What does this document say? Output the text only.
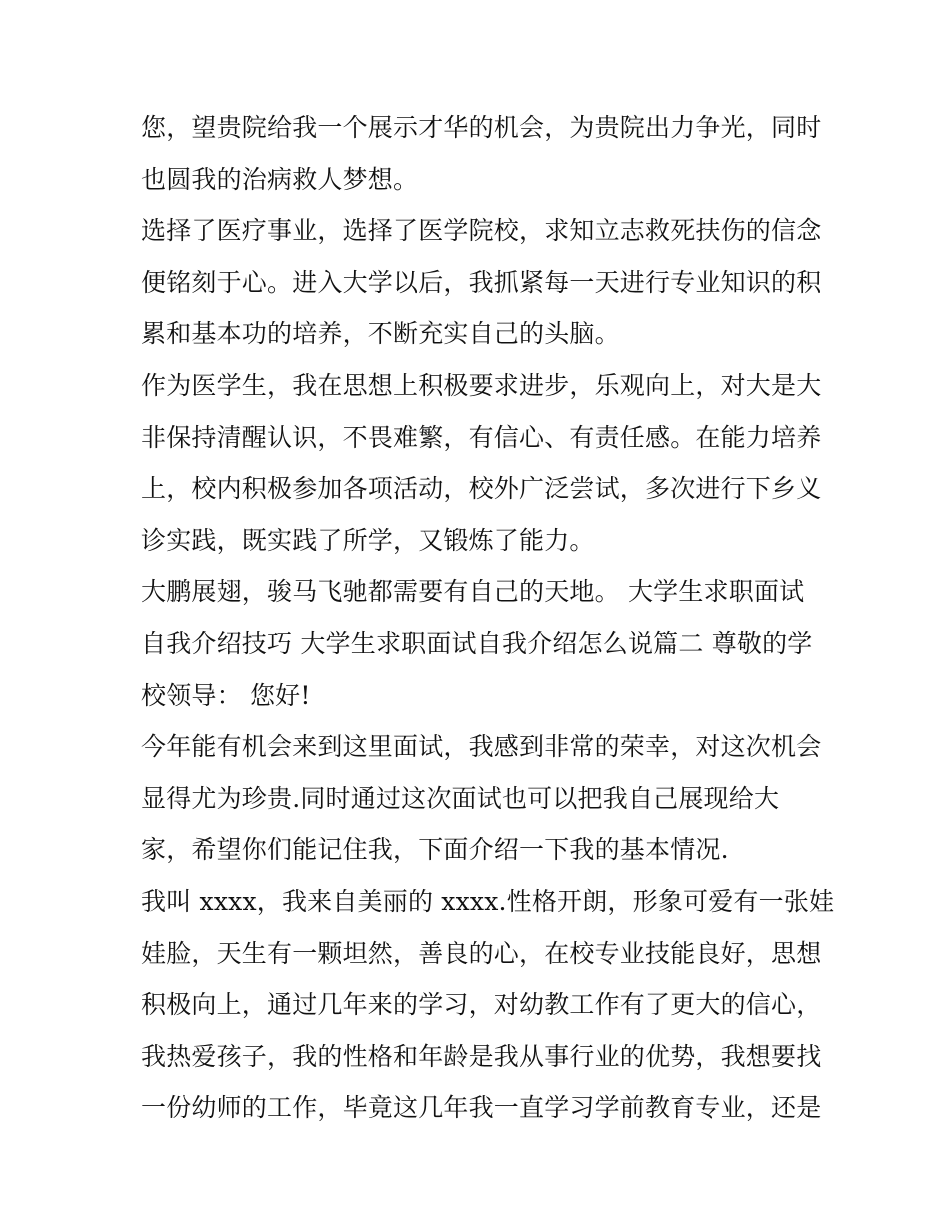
您，望贵院给我一个展示才华的机会，为贵院出力争光，同时
也圆我的治病救人梦想。
选择了医疗事业，选择了医学院校，求知立志救死扶伤的信念
便铭刻于心。进入大学以后，我抓紧每一天进行专业知识的积
累和基本功的培养，不断充实自己的头脑。
作为医学生，我在思想上积极要求进步，乐观向上，对大是大
非保持清醒认识，不畏难繁，有信心、有责任感。在能力培养
上，校内积极参加各项活动，校外广泛尝试，多次进行下乡义
诊实践，既实践了所学，又锻炼了能力。
大鹏展翅，骏马飞驰都需要有自己的天地。 大学生求职面试
自我介绍技巧 大学生求职面试自我介绍怎么说篇二 尊敬的学
校领导： 您好!
今年能有机会来到这里面试，我感到非常的荣幸，对这次机会
显得尤为珍贵.同时通过这次面试也可以把我自己展现给大
家，希望你们能记住我，下面介绍一下我的基本情况.
我叫 xxxx，我来自美丽的 xxxx.性格开朗，形象可爱有一张娃
娃脸，天生有一颗坦然，善良的心，在校专业技能良好，思想
积极向上，通过几年来的学习，对幼教工作有了更大的信心，
我热爱孩子，我的性格和年龄是我从事行业的优势，我想要找
一份幼师的工作，毕竟这几年我一直学习学前教育专业，还是
